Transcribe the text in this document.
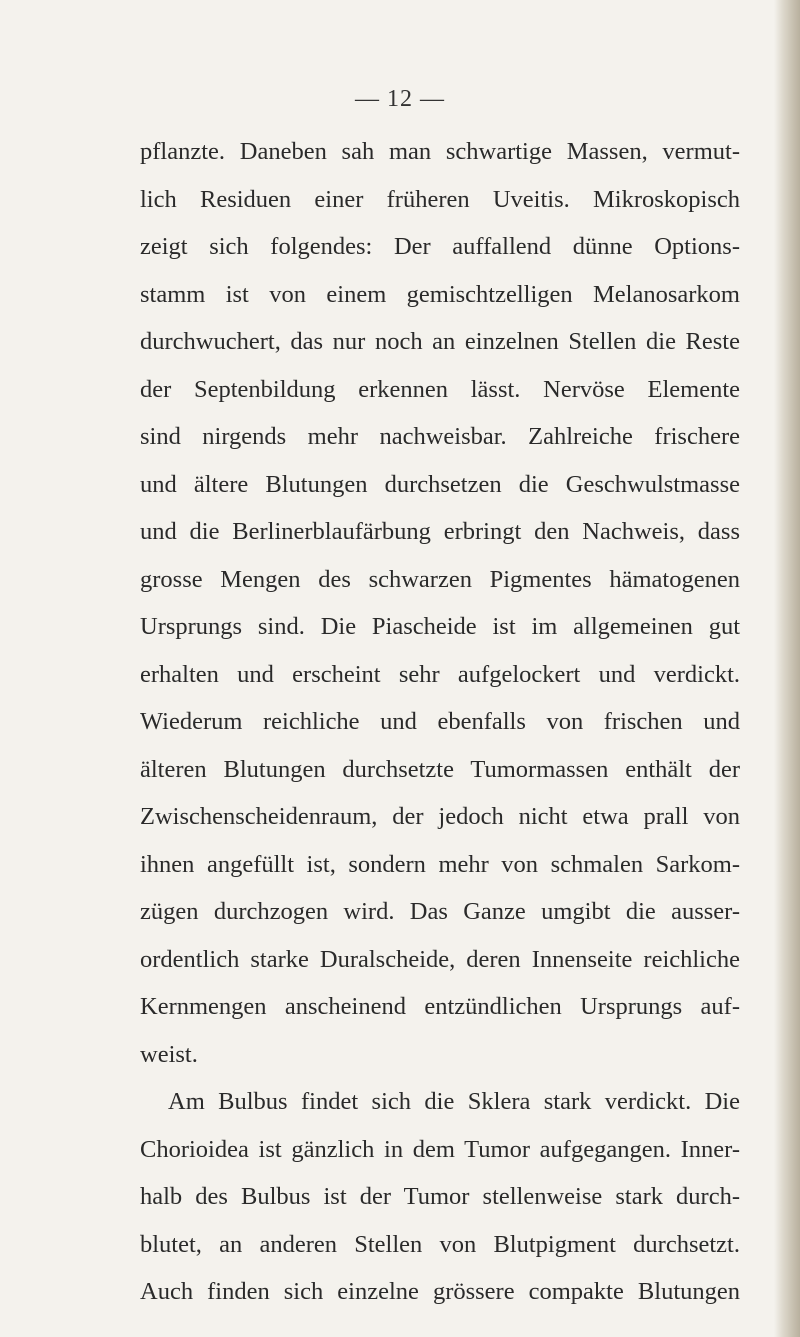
— 12 —
pflanzte. Daneben sah man schwartige Massen, vermut-
lich Residuen einer früheren Uveitis. Mikroskopisch
zeigt sich folgendes: Der auffallend dünne Options-
stamm ist von einem gemischtzelligen Melanosarkom
durchwuchert, das nur noch an einzelnen Stellen die Reste
der Septenbildung erkennen lässt. Nervöse Elemente
sind nirgends mehr nachweisbar. Zahlreiche frischere
und ältere Blutungen durchsetzen die Geschwulstmasse
und die Berlinerblaufärbung erbringt den Nachweis, dass
grosse Mengen des schwarzen Pigmentes hämatogenen
Ursprungs sind. Die Piascheide ist im allgemeinen gut
erhalten und erscheint sehr aufgelockert und verdickt.
Wiederum reichliche und ebenfalls von frischen und
älteren Blutungen durchsetzte Tumormassen enthält der
Zwischenscheidenraum, der jedoch nicht etwa prall von
ihnen angefüllt ist, sondern mehr von schmalen Sarkom-
zügen durchzogen wird. Das Ganze umgibt die ausser-
ordentlich starke Duralscheide, deren Innenseite reichliche
Kernmengen anscheinend entzündlichen Ursprungs auf-
weist.
Am Bulbus findet sich die Sklera stark verdickt. Die
Chorioidea ist gänzlich in dem Tumor aufgegangen. Inner-
halb des Bulbus ist der Tumor stellenweise stark durch-
blutet, an anderen Stellen von Blutpigment durchsetzt.
Auch finden sich einzelne grössere compakte Blutungen
